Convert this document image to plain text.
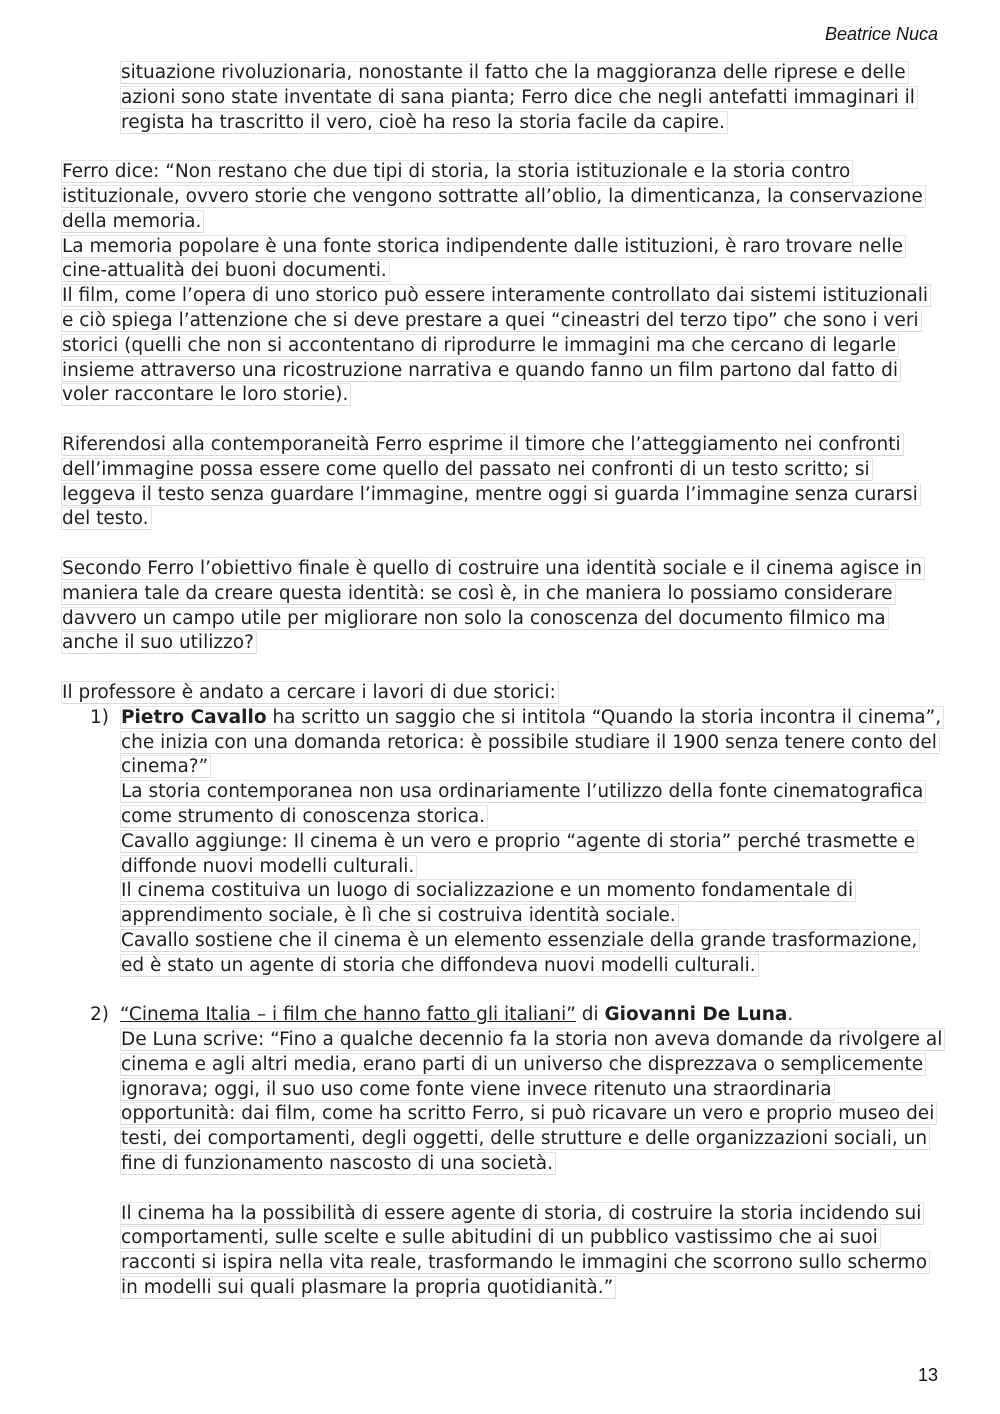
Beatrice Nuca

situazione rivoluzionaria, nonostante il fatto che la maggioranza delle riprese e delle azioni sono state inventate di sana pianta; Ferro dice che negli antefatti immaginari il regista ha trascritto il vero, cioè ha reso la storia facile da capire.

Ferro dice: “Non restano che due tipi di storia, la storia istituzionale e la storia contro istituzionale, ovvero storie che vengono sottratte all’oblio, la dimenticanza, la conservazione della memoria.

La memoria popolare è una fonte storica indipendente dalle istituzioni, è raro trovare nelle cine-attualità dei buoni documenti.

Il film, come l’opera di uno storico può essere interamente controllato dai sistemi istituzionali e ciò spiega l’attenzione che si deve prestare a quei “cineastri del terzo tipo” che sono i veri storici (quelli che non si accontentano di riprodurre le immagini ma che cercano di legarle insieme attraverso una ricostruzione narrativa e quando fanno un film partono dal fatto di voler raccontare le loro storie).

Riferendosi alla contemporaneità Ferro esprime il timore che l’atteggiamento nei confronti dell’immagine possa essere come quello del passato nei confronti di un testo scritto; si leggeva il testo senza guardare l’immagine, mentre oggi si guarda l’immagine senza curarsi del testo.

Secondo Ferro l’obiettivo finale è quello di costruire una identità sociale e il cinema agisce in maniera tale da creare questa identità: se così è, in che maniera lo possiamo considerare davvero un campo utile per migliorare non solo la conoscenza del documento filmico ma anche il suo utilizzo?

Il professore è andato a cercare i lavori di due storici:

1) Pietro Cavallo ha scritto un saggio che si intitola “Quando la storia incontra il cinema”, che inizia con una domanda retorica: è possibile studiare il 1900 senza tenere conto del cinema?”

La storia contemporanea non usa ordinariamente l’utilizzo della fonte cinematografica come strumento di conoscenza storica.

Cavallo aggiunge: Il cinema è un vero e proprio “agente di storia” perché trasmette e diffonde nuovi modelli culturali.

Il cinema costituiva un luogo di socializzazione e un momento fondamentale di apprendimento sociale, è lì che si costruiva identità sociale.

Cavallo sostiene che il cinema è un elemento essenziale della grande trasformazione, ed è stato un agente di storia che diffondeva nuovi modelli culturali.

2) “Cinema Italia – i film che hanno fatto gli italiani” di Giovanni De Luna.

De Luna scrive: “Fino a qualche decennio fa la storia non aveva domande da rivolgere al cinema e agli altri media, erano parti di un universo che disprezzava o semplicemente ignorava; oggi, il suo uso come fonte viene invece ritenuto una straordinaria opportunità: dai film, come ha scritto Ferro, si può ricavare un vero e proprio museo dei testi, dei comportamenti, degli oggetti, delle strutture e delle organizzazioni sociali, un fine di funzionamento nascosto di una società.

Il cinema ha la possibilità di essere agente di storia, di costruire la storia incidendo sui comportamenti, sulle scelte e sulle abitudini di un pubblico vastissimo che ai suoi racconti si ispira nella vita reale, trasformando le immagini che scorrono sullo schermo in modelli sui quali plasmare la propria quotidianità.”

13
